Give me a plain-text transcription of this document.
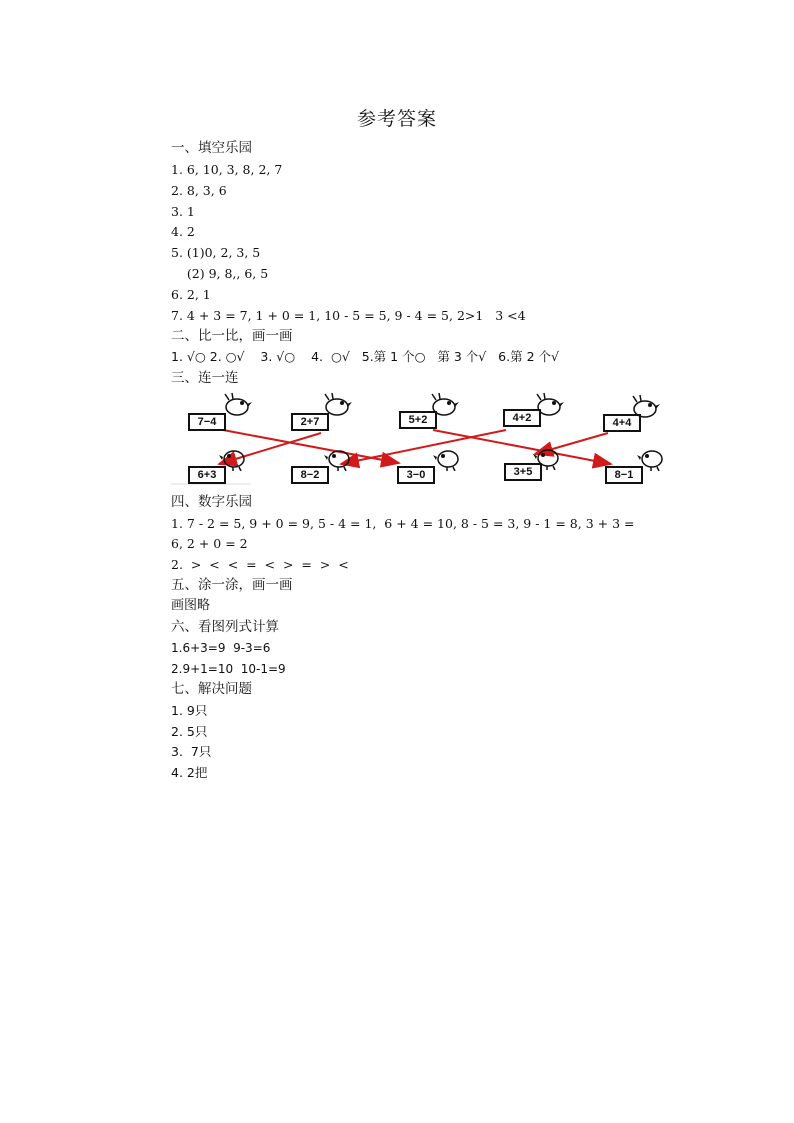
参考答案
一、填空乐园
1. 6, 10, 3, 8, 2, 7
2. 8, 3, 6
3. 1
4. 2
5. (1)0, 2, 3, 5
(2) 9, 8,, 6, 5
6. 2, 1
7. 4 + 3 = 7, 1 + 0 = 1, 10 - 5 = 5, 9 - 4 = 5, 2>1   3 <4
二、比一比，画一画
1. √○ 2. ○√    3. √○    4.  ○√   5.第 1 个○   第 3 个√   6.第 2 个√
三、连一连
7−4	2+7	5+2	4+2	4+4
6+3	8−2	3−0	3+5	8−1
四、数字乐园
1. 7 - 2 = 5, 9 + 0 = 9, 5 - 4 = 1,  6 + 4 = 10, 8 - 5 = 3, 9 - 1 = 8, 3 + 3 =
6, 2 + 0 = 2
2.  >  <  <  =  <  >  =  >  <
五、涂一涂，画一画
画图略
六、看图列式计算
1.6+3=9  9-3=6
2.9+1=10  10-1=9
七、解决问题
1. 9只
2. 5只
3.  7只
4. 2把
